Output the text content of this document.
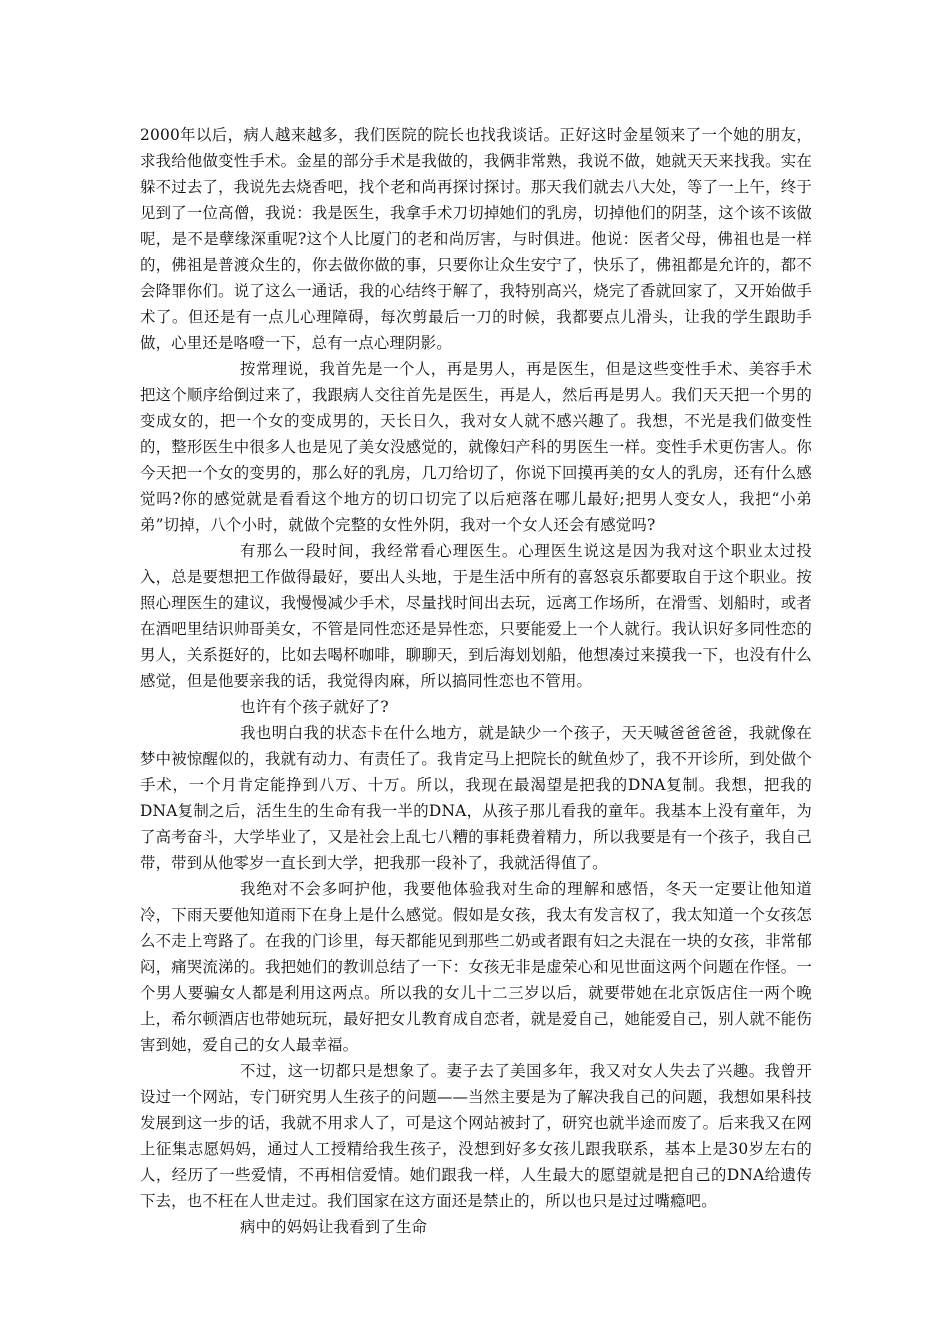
2000年以后，病人越来越多，我们医院的院长也找我谈话。正好这时金星领来了一个她的朋友，求我给他做变性手术。金星的部分手术是我做的，我俩非常熟，我说不做，她就天天来找我。实在躲不过去了，我说先去烧香吧，找个老和尚再探讨探讨。那天我们就去八大处，等了一上午，终于见到了一位高僧，我说：我是医生，我拿手术刀切掉她们的乳房，切掉他们的阴茎，这个该不该做呢，是不是孽缘深重呢?这个人比厦门的老和尚厉害，与时俱进。他说：医者父母，佛祖也是一样的，佛祖是普渡众生的，你去做你做的事，只要你让众生安宁了，快乐了，佛祖都是允许的，都不会降罪你们。说了这么一通话，我的心结终于解了，我特别高兴，烧完了香就回家了，又开始做手术了。但还是有一点儿心理障碍，每次剪最后一刀的时候，我都要点儿滑头，让我的学生跟助手做，心里还是咯噔一下，总有一点心理阴影。

按常理说，我首先是一个人，再是男人，再是医生，但是这些变性手术、美容手术把这个顺序给倒过来了，我跟病人交往首先是医生，再是人，然后再是男人。我们天天把一个男的变成女的，把一个女的变成男的，天长日久，我对女人就不感兴趣了。我想，不光是我们做变性的，整形医生中很多人也是见了美女没感觉的，就像妇产科的男医生一样。变性手术更伤害人。你今天把一个女的变男的，那么好的乳房，几刀给切了，你说下回摸再美的女人的乳房，还有什么感觉吗?你的感觉就是看看这个地方的切口切完了以后疤落在哪儿最好;把男人变女人，我把“小弟弟”切掉，八个小时，就做个完整的女性外阴，我对一个女人还会有感觉吗?

有那么一段时间，我经常看心理医生。心理医生说这是因为我对这个职业太过投入，总是要想把工作做得最好，要出人头地，于是生活中所有的喜怒哀乐都要取自于这个职业。按照心理医生的建议，我慢慢减少手术，尽量找时间出去玩，远离工作场所，在滑雪、划船时，或者在酒吧里结识帅哥美女，不管是同性恋还是异性恋，只要能爱上一个人就行。我认识好多同性恋的男人，关系挺好的，比如去喝杯咖啡，聊聊天，到后海划划船，他想凑过来摸我一下，也没有什么感觉，但是他要亲我的话，我觉得肉麻，所以搞同性恋也不管用。

也许有个孩子就好了?

我也明白我的状态卡在什么地方，就是缺少一个孩子，天天喊爸爸爸爸，我就像在梦中被惊醒似的，我就有动力、有责任了。我肯定马上把院长的鱿鱼炒了，我不开诊所，到处做个手术，一个月肯定能挣到八万、十万。所以，我现在最渴望是把我的DNA复制。我想，把我的DNA复制之后，活生生的生命有我一半的DNA，从孩子那儿看我的童年。我基本上没有童年，为了高考奋斗，大学毕业了，又是社会上乱七八糟的事耗费着精力，所以我要是有一个孩子，我自己带，带到从他零岁一直长到大学，把我那一段补了，我就活得值了。

我绝对不会多呵护他，我要他体验我对生命的理解和感悟，冬天一定要让他知道冷，下雨天要他知道雨下在身上是什么感觉。假如是女孩，我太有发言权了，我太知道一个女孩怎么不走上弯路了。在我的门诊里，每天都能见到那些二奶或者跟有妇之夫混在一块的女孩，非常郁闷，痛哭流涕的。我把她们的教训总结了一下：女孩无非是虚荣心和见世面这两个问题在作怪。一个男人要骗女人都是利用这两点。所以我的女儿十二三岁以后，就要带她在北京饭店住一两个晚上，希尔顿酒店也带她玩玩，最好把女儿教育成自恋者，就是爱自己，她能爱自己，别人就不能伤害到她，爱自己的女人最幸福。

不过，这一切都只是想象了。妻子去了美国多年，我又对女人失去了兴趣。我曾开设过一个网站，专门研究男人生孩子的问题——当然主要是为了解决我自己的问题，我想如果科技发展到这一步的话，我就不用求人了，可是这个网站被封了，研究也就半途而废了。后来我又在网上征集志愿妈妈，通过人工授精给我生孩子，没想到好多女孩儿跟我联系，基本上是30岁左右的人，经历了一些爱情，不再相信爱情。她们跟我一样，人生最大的愿望就是把自己的DNA给遗传下去，也不枉在人世走过。我们国家在这方面还是禁止的，所以也只是过过嘴瘾吧。

病中的妈妈让我看到了生命
